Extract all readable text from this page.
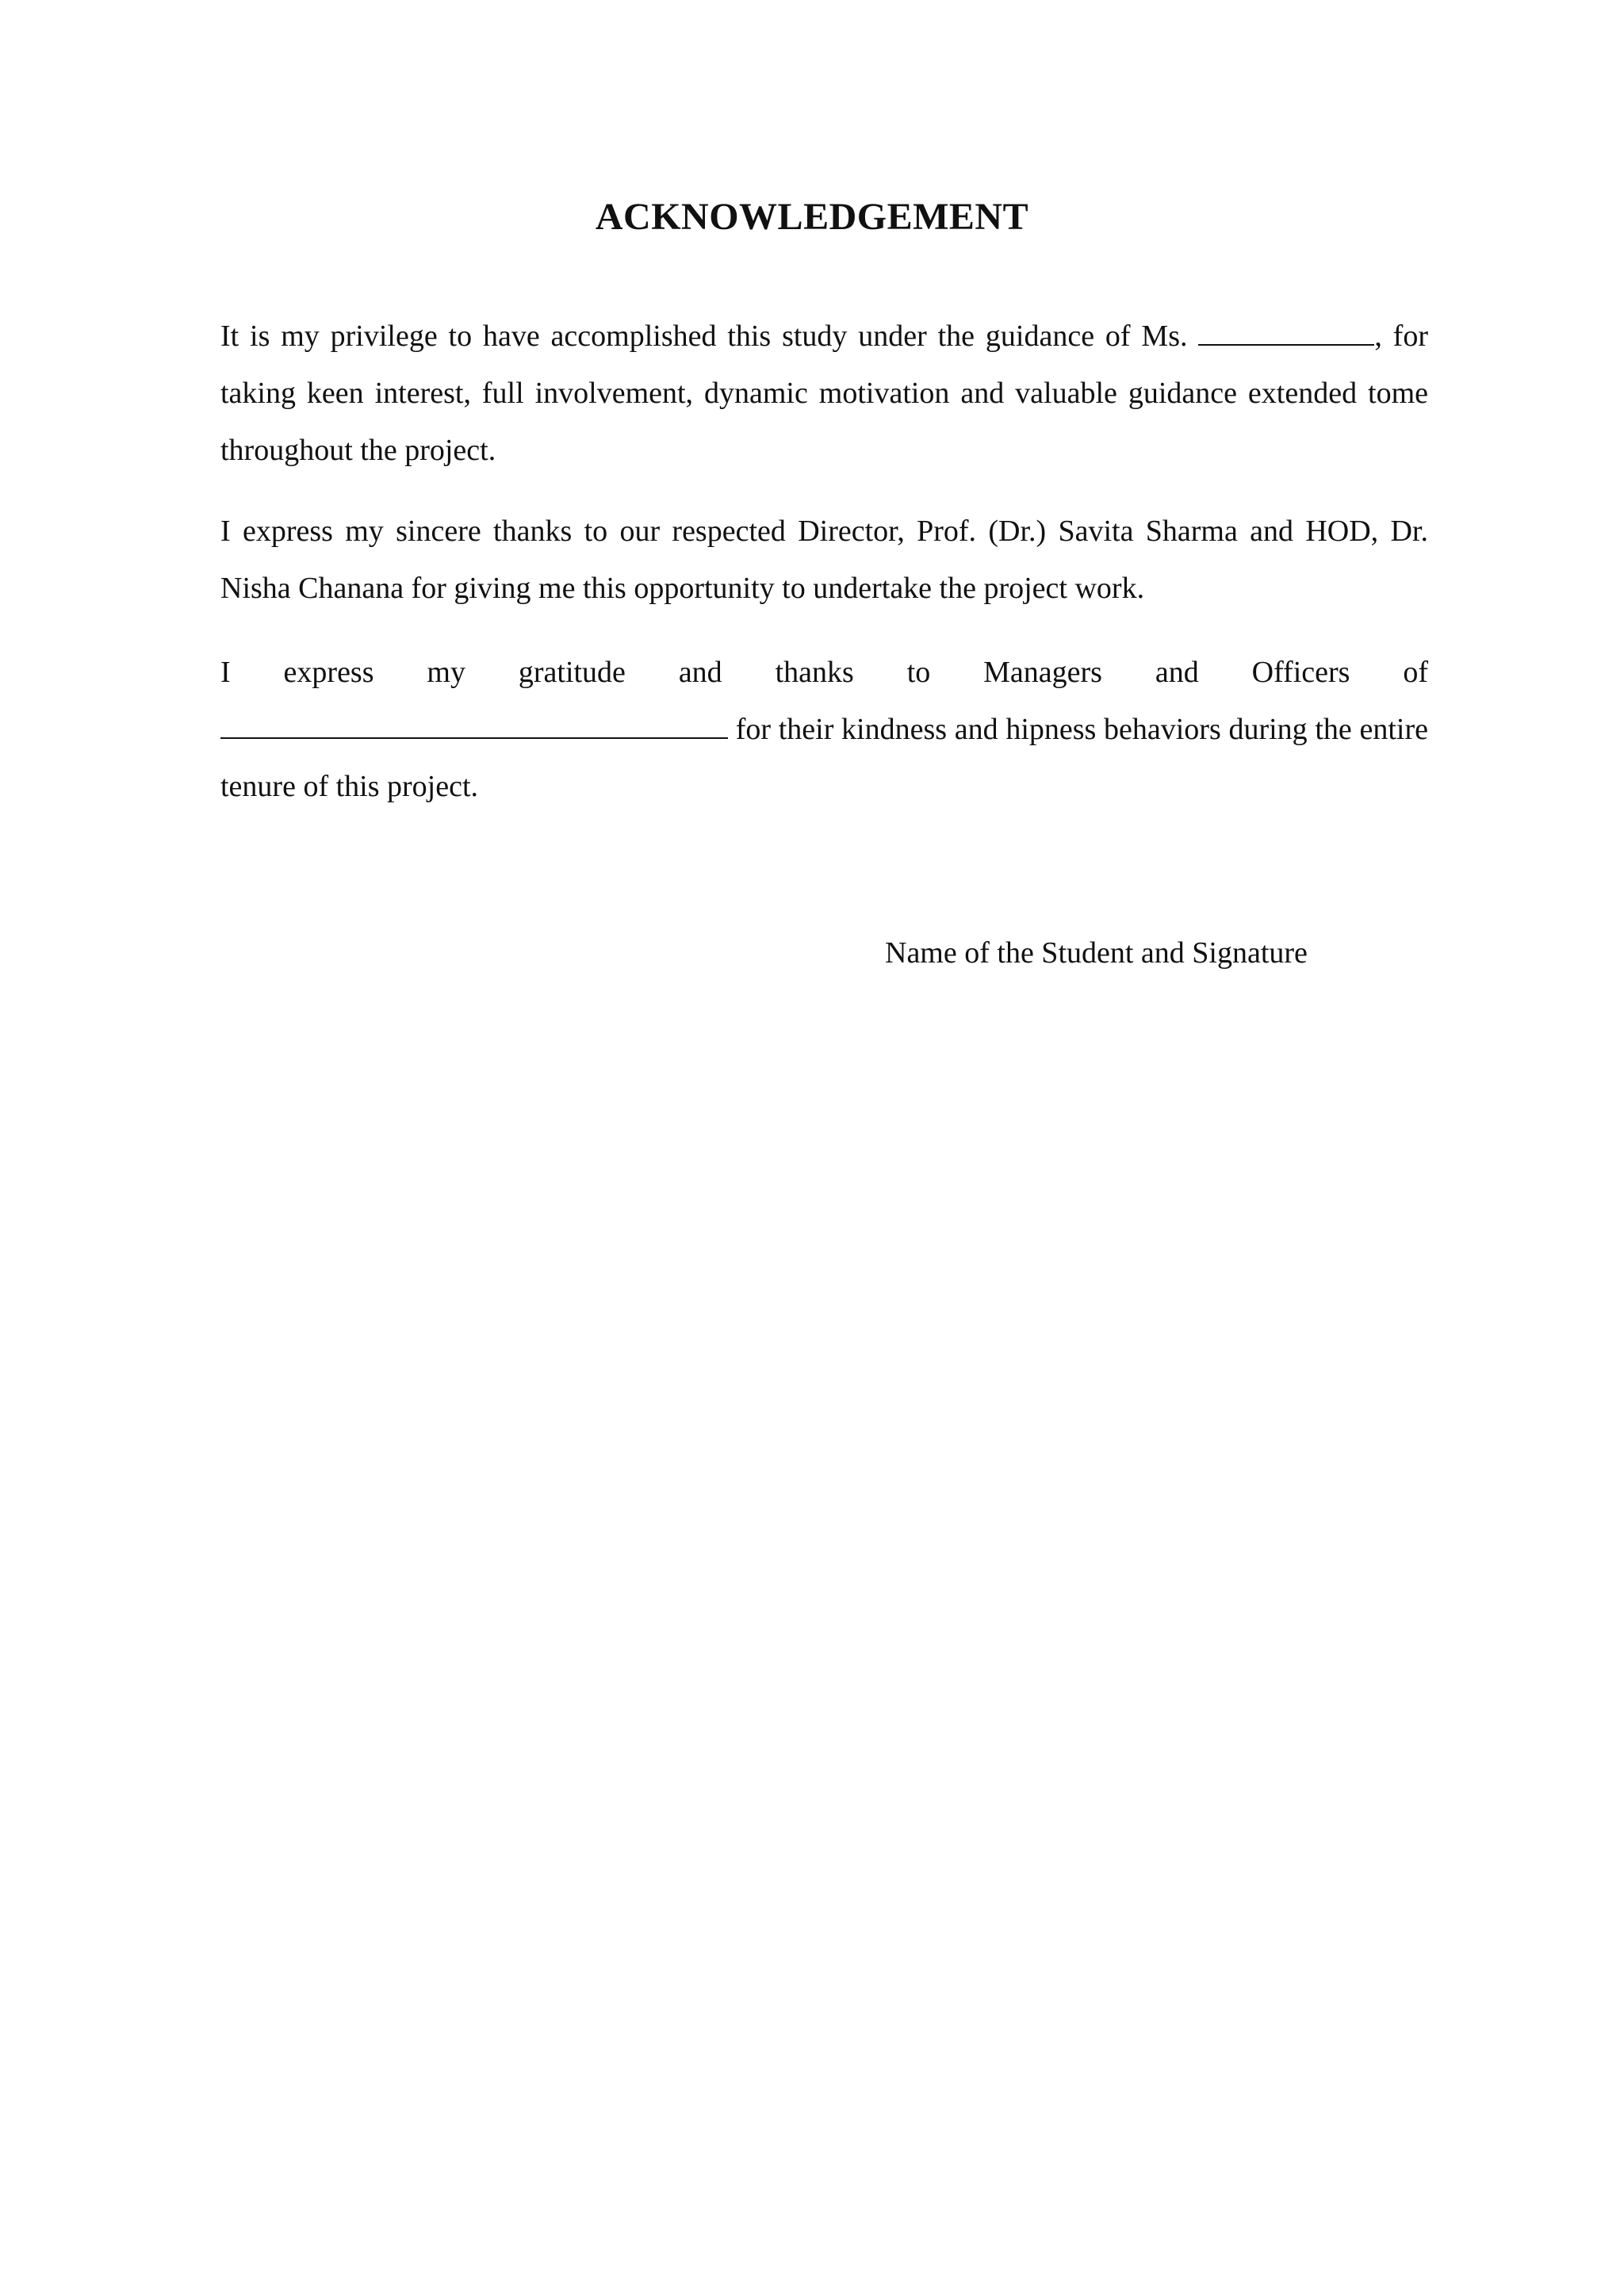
ACKNOWLEDGEMENT
It is my privilege to have accomplished this study under the guidance of Ms.	, for taking keen interest, full involvement, dynamic motivation and valuable guidance extended tome throughout the project.
I express my sincere thanks to our respected Director, Prof. (Dr.) Savita Sharma and HOD, Dr. Nisha Chanana for giving me this opportunity to undertake the project work.
I express my gratitude and thanks to Managers and Officers of
for their kindness and hipness behaviors during the entire tenure of this project.
Name of the Student and Signature
